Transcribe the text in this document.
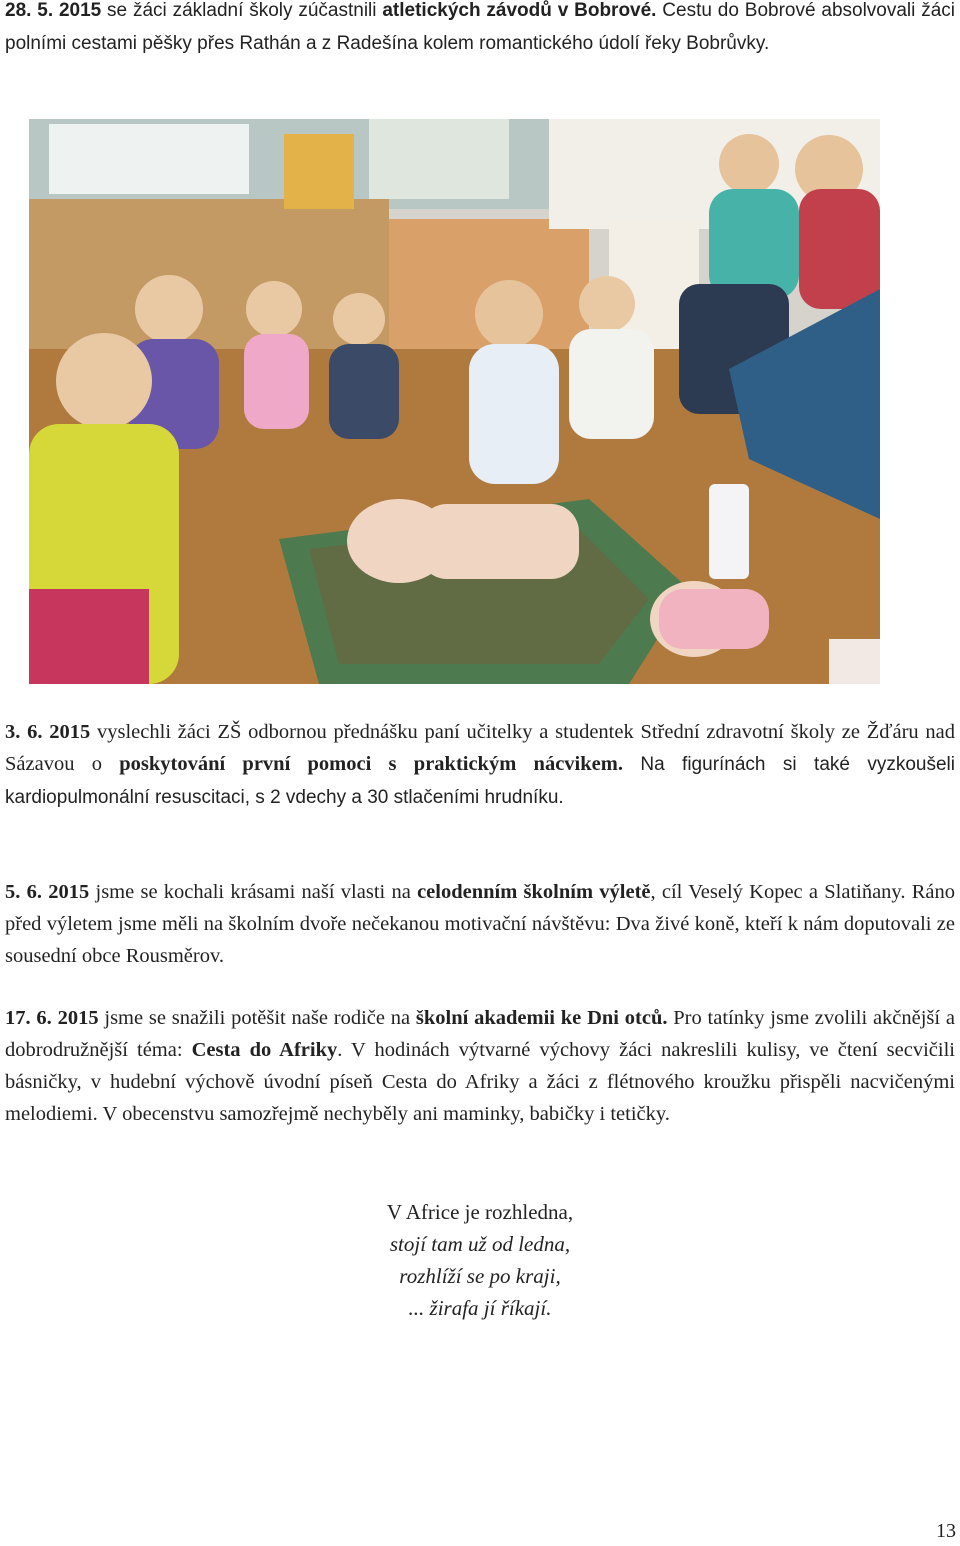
28. 5. 2015 se žáci základní školy zúčastnili atletických závodů v Bobrové. Cestu do Bobrové absolvovali žáci polními cestami pěšky přes Rathán a z Radešína kolem romantického údolí řeky Bobrůvky.

3. 6. 2015 vyslechli žáci ZŠ odbornou přednášku paní učitelky a studentek Střední zdravotní školy ze Žďáru nad Sázavou o poskytování první pomoci s praktickým nácvikem. Na figurínách si také vyzkoušeli kardiopulmonální resuscitaci, s 2 vdechy a 30 stlačeními hrudníku.

5. 6. 2015 jsme se kochali krásami naší vlasti na celodenním školním výletě, cíl Veselý Kopec a Slatiňany. Ráno před výletem jsme měli na školním dvoře nečekanou motivační návštěvu: Dva živé koně, kteří k nám doputovali ze sousední obce Rousměrov.

17. 6. 2015 jsme se snažili potěšit naše rodiče na školní akademii ke Dni otců. Pro tatínky jsme zvolili akčnější a dobrodružnější téma: Cesta do Afriky. V hodinách výtvarné výchovy žáci nakreslili kulisy, ve čtení secvičili básničky, v hudební výchově úvodní píseň Cesta do Afriky a žáci z flétnového kroužku přispěli nacvičenými melodiemi. V obecenstvu samozřejmě nechyběly ani maminky, babičky i tetičky.

V Africe je rozhledna,
stojí tam už od ledna,
rozhlíží se po kraji,
... žirafa jí říkají.
13
